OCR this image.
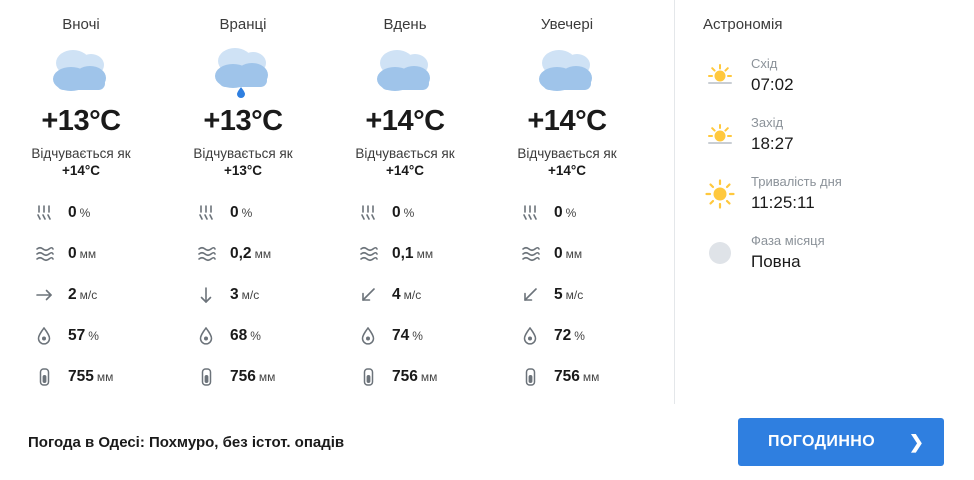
Вночі
+13°C
Відчувається як
+14°C
0 %
0 мм
2 м/с
57 %
755 мм
Вранці
+13°C
Відчувається як
+13°C
0 %
0,2 мм
3 м/с
68 %
756 мм
Вдень
+14°C
Відчувається як
+14°C
0 %
0,1 мм
4 м/с
74 %
756 мм
Увечері
+14°C
Відчувається як
+14°C
0 %
0 мм
5 м/с
72 %
756 мм
Астрономія
Схід
07:02
Захід
18:27
Тривалість дня
11:25:11
Фаза місяця
Повна
Погода в Одесі: Похмуро, без істот. опадів	ПОГОДИННО ❯
